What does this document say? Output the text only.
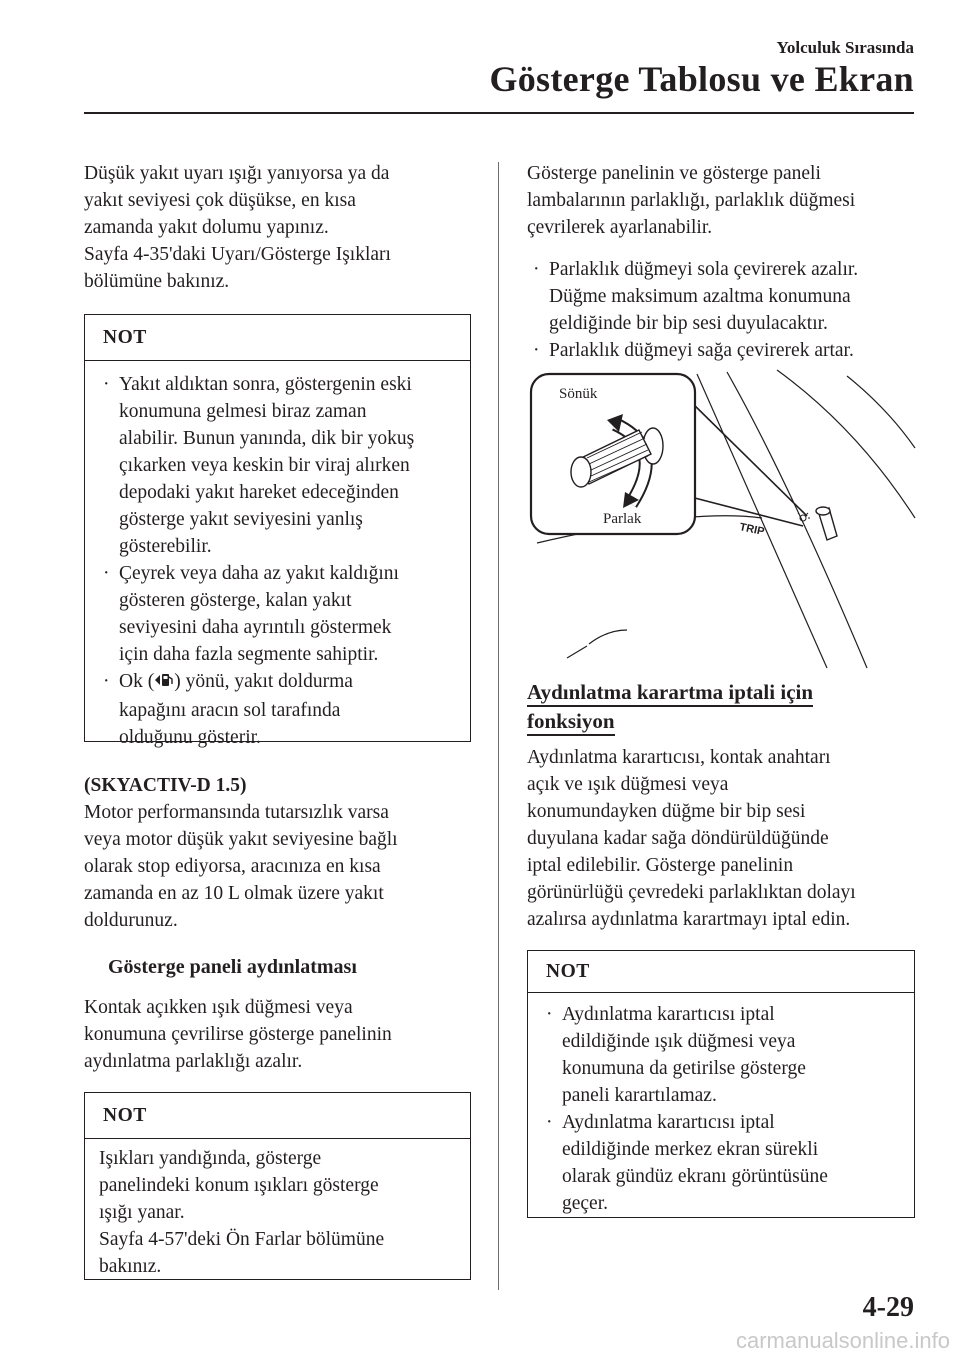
Yolculuk Sırasında
Gösterge Tablosu ve Ekran
Düşük yakıt uyarı ışığı yanıyorsa ya da
yakıt seviyesi çok düşükse, en kısa
zamanda yakıt dolumu yapınız.
Sayfa 4-35'daki Uyarı/Gösterge Işıkları
bölümüne bakınız.
NOT
· Yakıt aldıktan sonra, göstergenin eski
konumuna gelmesi biraz zaman
alabilir. Bunun yanında, dik bir yokuş
çıkarken veya keskin bir viraj alırken
depodaki yakıt hareket edeceğinden
gösterge yakıt seviyesini yanlış
gösterebilir.
· Çeyrek veya daha az yakıt kaldığını
gösteren gösterge, kalan yakıt
seviyesini daha ayrıntılı göstermek
için daha fazla segmente sahiptir.
· Ok ( ) yönü, yakıt doldurma
kapağını aracın sol tarafında
olduğunu gösterir.
(SKYACTIV-D 1.5)
Motor performansında tutarsızlık varsa
veya motor düşük yakıt seviyesine bağlı
olarak stop ediyorsa, aracınıza en kısa
zamanda en az 10 L olmak üzere yakıt
doldurunuz.
Gösterge paneli aydınlatması
Kontak açıkken ışık düğmesi veya
konumuna çevrilirse gösterge panelinin
aydınlatma parlaklığı azalır.
NOT
Işıkları yandığında, gösterge
panelindeki konum ışıkları gösterge
ışığı yanar.
Sayfa 4-57'deki Ön Farlar bölümüne
bakınız.
Gösterge panelinin ve gösterge paneli
lambalarının parlaklığı, parlaklık düğmesi
çevrilerek ayarlanabilir.
· Parlaklık düğmeyi sola çevirerek azalır.
Düğme maksimum azaltma konumuna
geldiğinde bir bip sesi duyulacaktır.
· Parlaklık düğmeyi sağa çevirerek artar.
TRIP
Sönük
Parlak
Aydınlatma karartma iptali için
fonksiyon
Aydınlatma karartıcısı, kontak anahtarı
açık ve ışık düğmesi veya
konumundayken düğme bir bip sesi
duyulana kadar sağa döndürüldüğünde
iptal edilebilir. Gösterge panelinin
görünürlüğü çevredeki parlaklıktan dolayı
azalırsa aydınlatma karartmayı iptal edin.
NOT
· Aydınlatma karartıcısı iptal
edildiğinde ışık düğmesi veya
konumuna da getirilse gösterge
paneli karartılamaz.
· Aydınlatma karartıcısı iptal
edildiğinde merkez ekran sürekli
olarak gündüz ekranı görüntüsüne
geçer.
4-29
carmanualsonline.info
